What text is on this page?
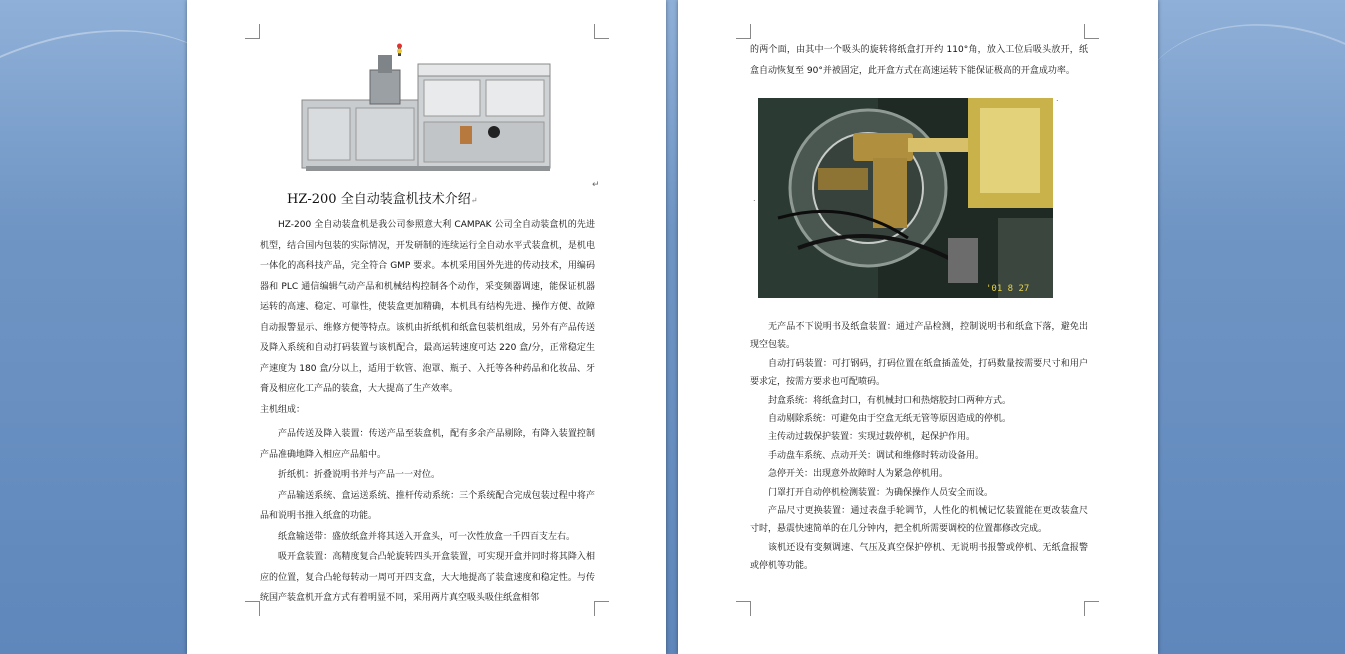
HZ-200 全自动装盒机技术介绍↵
↵

HZ-200 全自动装盒机是我公司参照意大利 CAMPAK 公司全自动装盒机的先进机型，结合国内包装的实际情况，开发研制的连续运行全自动水平式装盒机，是机电一体化的高科技产品，完全符合 GMP 要求。本机采用国外先进的传动技术，用编码器和 PLC 通信编辑气动产品和机械结构控制各个动作，采变频器调速，能保证机器运转的高速、稳定、可靠性，使装盒更加精确，本机具有结构先进、操作方便、故障自动报警显示、维修方便等特点。该机由折纸机和纸盒包装机组成，另外有产品传送及降入系统和自动打码装置与该机配合，最高运转速度可达 220 盒/分，正常稳定生产速度为 180 盒/分以上，适用于软管、泡罩、瓶子、入托等各种药品和化妆品、牙膏及相应化工产品的装盒，大大提高了生产效率。

主机组成：

产品传送及降入装置：传送产品至装盒机，配有多余产品剔除，有降入装置控制产品准确地降入相应产品船中。

折纸机：折叠说明书并与产品一一对位。

产品输送系统、盒运送系统、推杆传动系统：三个系统配合完成包装过程中将产品和说明书推入纸盒的功能。

纸盒输送带：盛放纸盒并将其送入开盒头，可一次性放盒一千四百支左右。

吸开盒装置：高精度复合凸轮旋转四头开盒装置，可实现开盒并同时将其降入相应的位置，复合凸轮每转动一周可开四支盒，大大地提高了装盒速度和稳定性。与传统国产装盒机开盒方式有着明显不同，采用两片真空吸头吸住纸盒相邻

的两个面，由其中一个吸头的旋转将纸盒打开约 110°角，放入工位后吸头放开，纸盒自动恢复至 90°并被固定，此开盒方式在高速运转下能保证极高的开盒成功率。

'01 8 27
.
.

无产品不下说明书及纸盒装置：通过产品检测，控制说明书和纸盒下落，避免出现空包装。

自动打码装置：可打钢码，打码位置在纸盒插盖处，打码数量按需要尺寸和用户要求定，按需方要求也可配喷码。

封盒系统：将纸盒封口，有机械封口和热熔胶封口两种方式。

自动剔除系统：可避免由于空盒无纸无管等原因造成的停机。

主传动过载保护装置：实现过载停机，起保护作用。

手动盘车系统、点动开关：调试和维修时转动设备用。

急停开关：出现意外故障时人为紧急停机用。

门罩打开自动停机检测装置：为确保操作人员安全而设。

产品尺寸更换装置：通过表盘手轮调节，人性化的机械记忆装置能在更改装盒尺寸时，悬震快速简单的在几分钟内，把全机所需要调校的位置都修改完成。

该机还设有变频调速、气压及真空保护停机、无说明书报警或停机、无纸盒报警或停机等功能。
